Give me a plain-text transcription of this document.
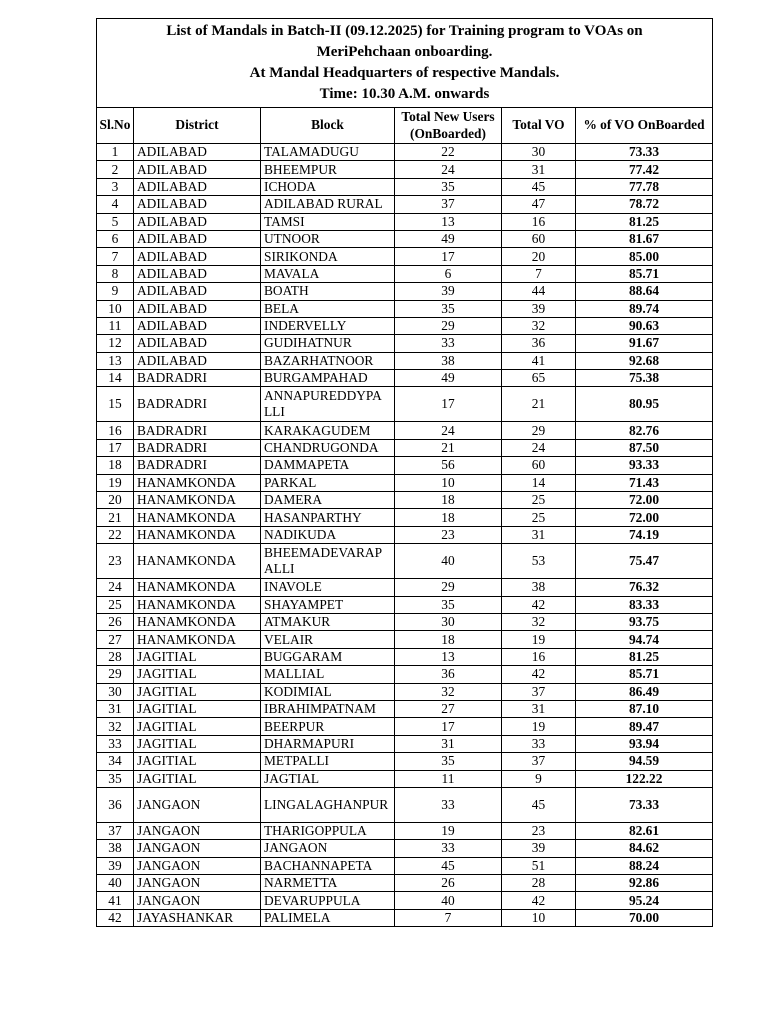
List of Mandals in Batch-II (09.12.2025) for Training program to VOAs on
MeriPehchaan onboarding.
At Mandal Headquarters of respective Mandals.
Time: 10.30 A.M. onwards					

Sl.No	District	Block	Total New Users (OnBoarded)	Total VO	% of VO OnBoarded
1	ADILABAD	TALAMADUGU	22	30	73.33
2	ADILABAD	BHEEMPUR	24	31	77.42
3	ADILABAD	ICHODA	35	45	77.78
4	ADILABAD	ADILABAD RURAL	37	47	78.72
5	ADILABAD	TAMSI	13	16	81.25
6	ADILABAD	UTNOOR	49	60	81.67
7	ADILABAD	SIRIKONDA	17	20	85.00
8	ADILABAD	MAVALA	6	7	85.71
9	ADILABAD	BOATH	39	44	88.64
10	ADILABAD	BELA	35	39	89.74
11	ADILABAD	INDERVELLY	29	32	90.63
12	ADILABAD	GUDIHATNUR	33	36	91.67
13	ADILABAD	BAZARHATNOOR	38	41	92.68
14	BADRADRI	BURGAMPAHAD	49	65	75.38
15	BADRADRI	ANNAPUREDDYPA LLI	17	21	80.95
16	BADRADRI	KARAKAGUDEM	24	29	82.76
17	BADRADRI	CHANDRUGONDA	21	24	87.50
18	BADRADRI	DAMMAPETA	56	60	93.33
19	HANAMKONDA	PARKAL	10	14	71.43
20	HANAMKONDA	DAMERA	18	25	72.00
21	HANAMKONDA	HASANPARTHY	18	25	72.00
22	HANAMKONDA	NADIKUDA	23	31	74.19
23	HANAMKONDA	BHEEMADEVARAP ALLI	40	53	75.47
24	HANAMKONDA	INAVOLE	29	38	76.32
25	HANAMKONDA	SHAYAMPET	35	42	83.33
26	HANAMKONDA	ATMAKUR	30	32	93.75
27	HANAMKONDA	VELAIR	18	19	94.74
28	JAGITIAL	BUGGARAM	13	16	81.25
29	JAGITIAL	MALLIAL	36	42	85.71
30	JAGITIAL	KODIMIAL	32	37	86.49
31	JAGITIAL	IBRAHIMPATNAM	27	31	87.10
32	JAGITIAL	BEERPUR	17	19	89.47
33	JAGITIAL	DHARMAPURI	31	33	93.94
34	JAGITIAL	METPALLI	35	37	94.59
35	JAGITIAL	JAGTIAL	11	9	122.22
36	JANGAON	LINGALAGHANPUR	33	45	73.33
37	JANGAON	THARIGOPPULA	19	23	82.61
38	JANGAON	JANGAON	33	39	84.62
39	JANGAON	BACHANNAPETA	45	51	88.24
40	JANGAON	NARMETTA	26	28	92.86
41	JANGAON	DEVARUPPULA	40	42	95.24
42	JAYASHANKAR	PALIMELA	7	10	70.00
